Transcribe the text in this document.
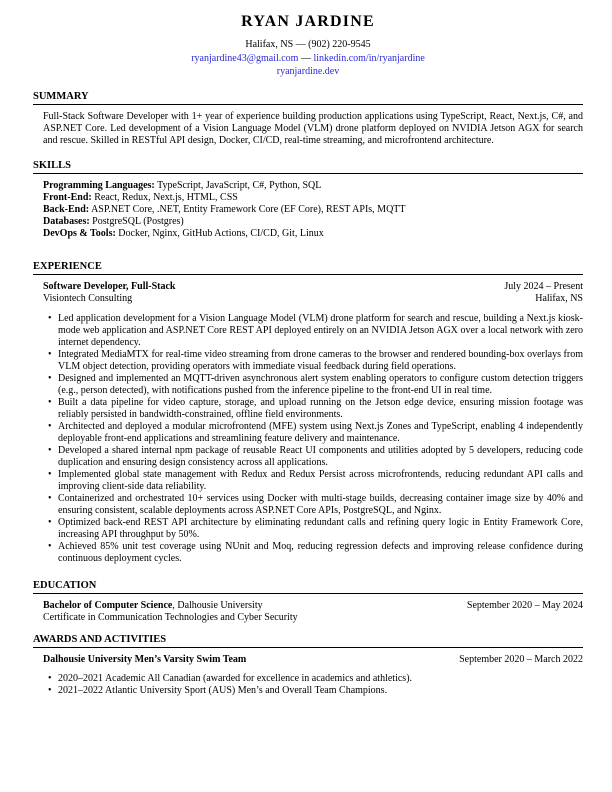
RYAN JARDINE
Halifax, NS — (902) 220-9545
ryanjardine43@gmail.com — linkedin.com/in/ryanjardine
ryanjardine.dev
SUMMARY

Full-Stack Software Developer with 1+ year of experience building production applications using TypeScript, React, Next.js, C#, and ASP.NET Core. Led development of a Vision Language Model (VLM) drone platform deployed on NVIDIA Jetson AGX for search and rescue. Skilled in RESTful API design, Docker, CI/CD, real-time streaming, and microfrontend architecture.

SKILLS
Programming Languages: TypeScript, JavaScript, C#, Python, SQL
Front-End: React, Redux, Next.js, HTML, CSS
Back-End: ASP.NET Core, .NET, Entity Framework Core (EF Core), REST APIs, MQTT
Databases: PostgreSQL (Postgres)
DevOps & Tools: Docker, Nginx, GitHub Actions, CI/CD, Git, Linux
EXPERIENCE
Software Developer, Full-Stack	July 2024 – Present
Visiontech Consulting	Halifax, NS
• Led application development for a Vision Language Model (VLM) drone platform for search and rescue, building a Next.js kiosk-mode web application and ASP.NET Core REST API deployed entirely on an NVIDIA Jetson AGX over a local network with zero internet dependency.
• Integrated MediaMTX for real-time video streaming from drone cameras to the browser and rendered bounding-box overlays from VLM object detection, providing operators with immediate visual feedback during field operations.
• Designed and implemented an MQTT-driven asynchronous alert system enabling operators to configure custom detection triggers (e.g., person detected), with notifications pushed from the inference pipeline to the front-end UI in real time.
• Built a data pipeline for video capture, storage, and upload running on the Jetson edge device, ensuring mission footage was reliably persisted in bandwidth-constrained, offline field environments.
• Architected and deployed a modular microfrontend (MFE) system using Next.js Zones and TypeScript, enabling 4 independently deployable front-end applications and streamlining feature delivery and maintenance.
• Developed a shared internal npm package of reusable React UI components and utilities adopted by 5 developers, reducing code duplication and ensuring design consistency across all applications.
• Implemented global state management with Redux and Redux Persist across microfrontends, reducing redundant API calls and improving client-side data reliability.
• Containerized and orchestrated 10+ services using Docker with multi-stage builds, decreasing container image size by 40% and ensuring consistent, scalable deployments across ASP.NET Core APIs, PostgreSQL, and Nginx.
• Optimized back-end REST API architecture by eliminating redundant calls and refining query logic in Entity Framework Core, increasing API throughput by 50%.
• Achieved 85% unit test coverage using NUnit and Moq, reducing regression defects and improving release confidence during continuous deployment cycles.
EDUCATION
Bachelor of Computer Science, Dalhousie University	September 2020 – May 2024
Certificate in Communication Technologies and Cyber Security
AWARDS AND ACTIVITIES
Dalhousie University Men’s Varsity Swim Team	September 2020 – March 2022
• 2020–2021 Academic All Canadian (awarded for excellence in academics and athletics).
• 2021–2022 Atlantic University Sport (AUS) Men’s and Overall Team Champions.
